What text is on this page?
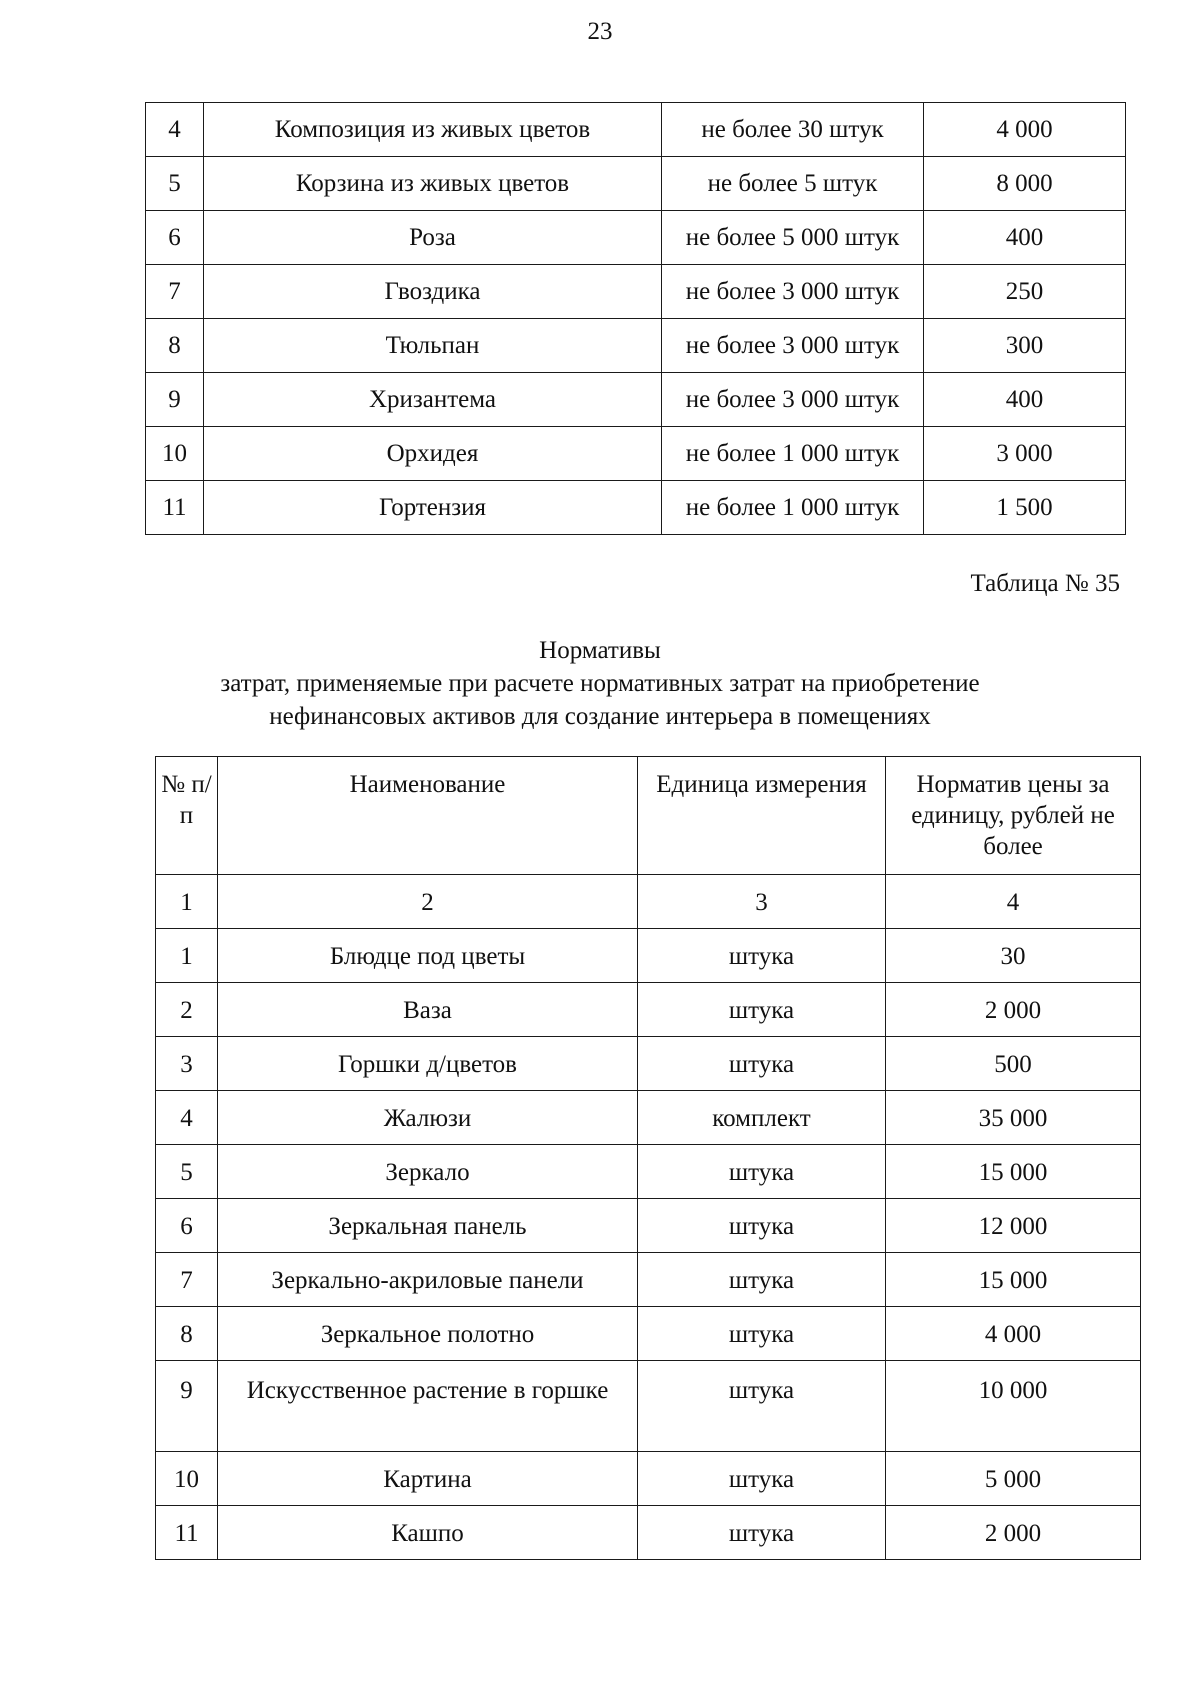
23
4	Композиция из живых цветов	не более 30 штук	4 000
5	Корзина из живых цветов	не более 5 штук	8 000
6	Роза	не более 5 000 штук	400
7	Гвоздика	не более 3 000 штук	250
8	Тюльпан	не более 3 000 штук	300
9	Хризантема	не более 3 000 штук	400
10	Орхидея	не более 1 000 штук	3 000
11	Гортензия	не более 1 000 штук	1 500
Таблица № 35
Нормативы
затрат, применяемые при расчете нормативных затрат на приобретение
нефинансовых активов для создание интерьера в помещениях
№ п/п	Наименование	Единица измерения	Норматив цены за единицу, рублей не более
1	2	3	4
1	Блюдце под цветы	штука	30
2	Ваза	штука	2 000
3	Горшки д/цветов	штука	500
4	Жалюзи	комплект	35 000
5	Зеркало	штука	15 000
6	Зеркальная панель	штука	12 000
7	Зеркально-акриловые панели	штука	15 000
8	Зеркальное полотно	штука	4 000
9	Искусственное растение в горшке	штука	10 000
10	Картина	штука	5 000
11	Кашпо	штука	2 000
